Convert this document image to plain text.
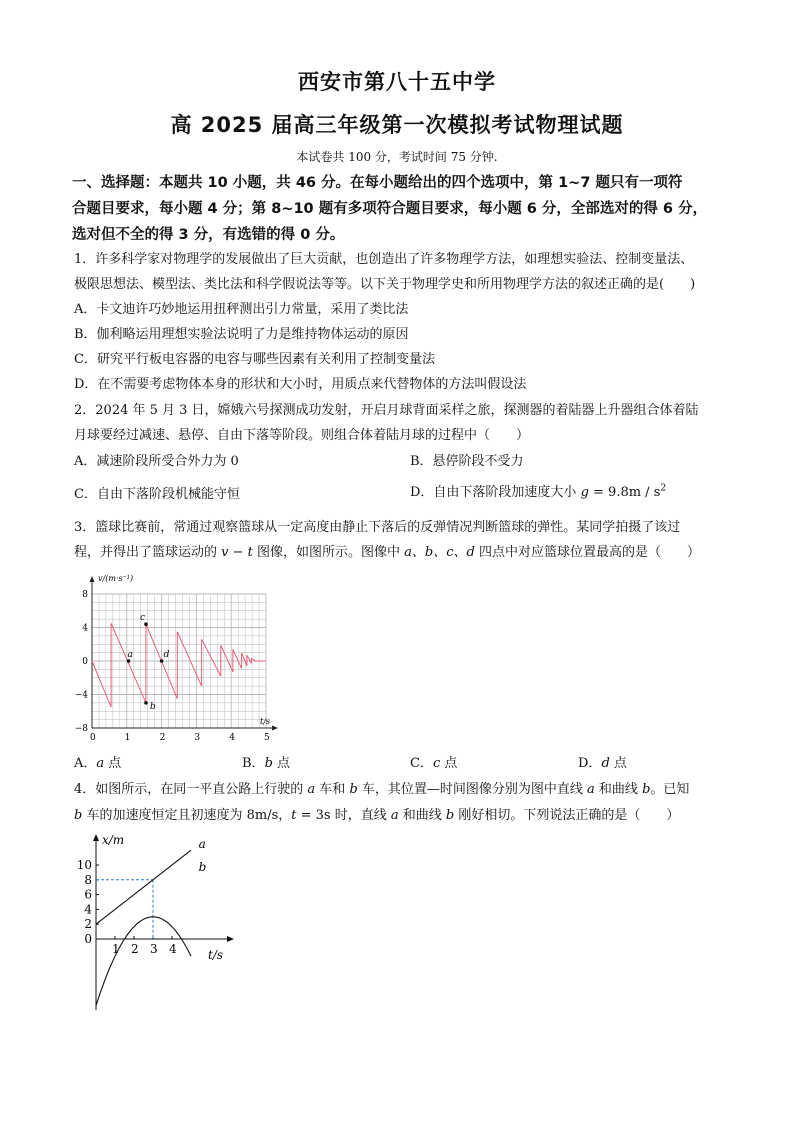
西安市第八十五中学
高 2025 届高三年级第一次模拟考试物理试题
本试卷共 100 分，考试时间 75 分钟.
一、选择题：本题共 10 小题，共 46 分。在每小题给出的四个选项中，第 1~7 题只有一项符
合题目要求，每小题 4 分；第 8~10 题有多项符合题目要求，每小题 6 分，全部选对的得 6 分，
选对但不全的得 3 分，有选错的得 0 分。
1．许多科学家对物理学的发展做出了巨大贡献，也创造出了许多物理学方法，如理想实验法、控制变量法、
极限思想法、模型法、类比法和科学假说法等等。以下关于物理学史和所用物理学方法的叙述正确的是(　　)
A．卡文迪许巧妙地运用扭秤测出引力常量，采用了类比法
B．伽利略运用理想实验法说明了力是维持物体运动的原因
C．研究平行板电容器的电容与哪些因素有关利用了控制变量法
D．在不需要考虑物体本身的形状和大小时，用质点来代替物体的方法叫假设法
2．2024 年 5 月 3 日，嫦娥六号探测成功发射，开启月球背面采样之旅，探测器的着陆器上升器组合体着陆
月球要经过减速、悬停、自由下落等阶段。则组合体着陆月球的过程中（　　）
A．减速阶段所受合外力为 0	B．悬停阶段不受力
C．自由下落阶段机械能守恒	D．自由下落阶段加速度大小 $g = 9.8m / s^2$
3．篮球比赛前，常通过观察篮球从一定高度由静止下落后的反弹情况判断篮球的弹性。某同学拍摄了该过
程，并得出了篮球运动的 v − t 图像，如图所示。图像中 a、b、c、d 四点中对应篮球位置最高的是（　　）
v/(m·s⁻¹)
t/s
0	1	2	3	4	5
8
4
0
−4
−8
a
b
c
d
A．a 点	B．b 点	C．c 点	D．d 点
4．如图所示，在同一平直公路上行驶的 a 车和 b 车，其位置—时间图像分别为图中直线 a 和曲线 b。已知
b 车的加速度恒定且初速度为 8m/s，t = 3s 时，直线 a 和曲线 b 刚好相切。下列说法正确的是（　　）
x/m
t/s
10
8
6
4
2
0
1 2 3 4
a
b
